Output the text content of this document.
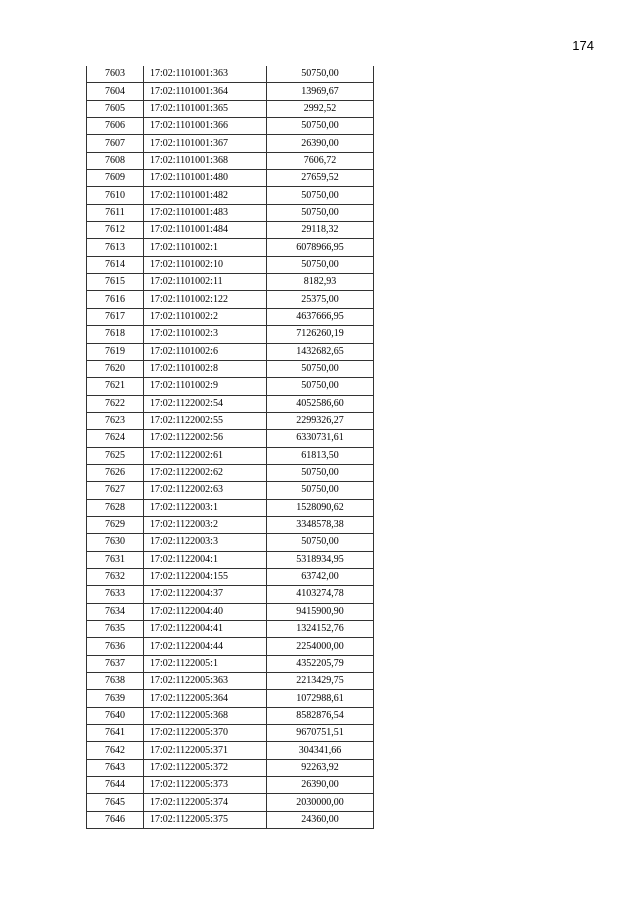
174
7603	17:02:1101001:363	50750,00
7604	17:02:1101001:364	13969,67
7605	17:02:1101001:365	2992,52
7606	17:02:1101001:366	50750,00
7607	17:02:1101001:367	26390,00
7608	17:02:1101001:368	7606,72
7609	17:02:1101001:480	27659,52
7610	17:02:1101001:482	50750,00
7611	17:02:1101001:483	50750,00
7612	17:02:1101001:484	29118,32
7613	17:02:1101002:1	6078966,95
7614	17:02:1101002:10	50750,00
7615	17:02:1101002:11	8182,93
7616	17:02:1101002:122	25375,00
7617	17:02:1101002:2	4637666,95
7618	17:02:1101002:3	7126260,19
7619	17:02:1101002:6	1432682,65
7620	17:02:1101002:8	50750,00
7621	17:02:1101002:9	50750,00
7622	17:02:1122002:54	4052586,60
7623	17:02:1122002:55	2299326,27
7624	17:02:1122002:56	6330731,61
7625	17:02:1122002:61	61813,50
7626	17:02:1122002:62	50750,00
7627	17:02:1122002:63	50750,00
7628	17:02:1122003:1	1528090,62
7629	17:02:1122003:2	3348578,38
7630	17:02:1122003:3	50750,00
7631	17:02:1122004:1	5318934,95
7632	17:02:1122004:155	63742,00
7633	17:02:1122004:37	4103274,78
7634	17:02:1122004:40	9415900,90
7635	17:02:1122004:41	1324152,76
7636	17:02:1122004:44	2254000,00
7637	17:02:1122005:1	4352205,79
7638	17:02:1122005:363	2213429,75
7639	17:02:1122005:364	1072988,61
7640	17:02:1122005:368	8582876,54
7641	17:02:1122005:370	9670751,51
7642	17:02:1122005:371	304341,66
7643	17:02:1122005:372	92263,92
7644	17:02:1122005:373	26390,00
7645	17:02:1122005:374	2030000,00
7646	17:02:1122005:375	24360,00
